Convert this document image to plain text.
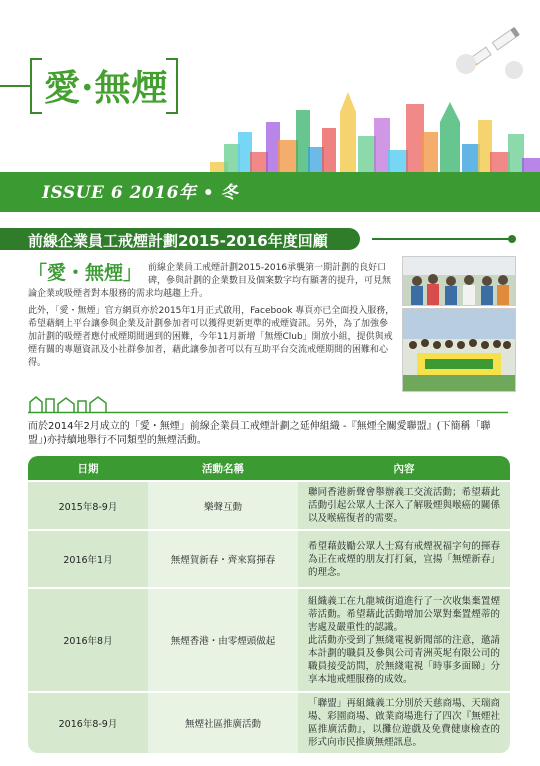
愛·無煙
ISSUE 6 2016年 • 冬
前線企業員工戒煙計劃2015-2016年度回顧
「愛・無煙」 前線企業員工戒煙計劃2015-2016承襲第一期計劃的良好口碑，參與計劃的企業數目及個案數字均有顯著的提升，可見無論企業或吸煙者對本服務的需求均越趨上升。

此外，「愛・無煙」官方網頁亦於2015年1月正式啟用，Facebook 專頁亦已全面投入服務，希望藉網上平台讓參與企業及計劃參加者可以獲得更新更準的戒煙資訊。另外，為了加強參加計劃的吸煙者應付戒煙期間遇到的困難，今年11月新增「無煙Club」開放小組，提供與戒煙有關的專題資訊及小社群參加者，藉此讓參加者可以有互助平台交流戒煙期間的困難和心得。

而於2014年2月成立的「愛・無煙」前線企業員工戒煙計劃之延伸組織 -『無煙全關愛聯盟』(下簡稱「聯盟」)亦持續地舉行不同類型的無煙活動。
日期	活動名稱	內容
2015年8-9月	樂聲互動	聯同香港新聲會舉辦義工交流活動；希望藉此活動引起公眾人士深入了解吸煙與喉癌的關係以及喉癌復者的需要。
2016年1月	無煙賀新春・齊來寫揮春	希望藉鼓勵公眾人士寫有戒煙祝福字句的揮春為正在戒煙的朋友打打氣，宣揚「無煙新春」的理念。
2016年8月	無煙香港・由零煙頭做起	組織義工在九龍城街道進行了一次收集棄置煙蒂活動。希望藉此活動增加公眾對棄置煙蒂的害處及嚴重性的認識。
此活動亦受到了無綫電視新聞部的注意，邀請本計劃的職員及參與公司青洲英坭有限公司的職員接受訪問，於無綫電視「時事多面睇」分享本地戒煙服務的成效。
2016年8-9月	無煙社區推廣活動	「聯盟」再組織義工分別於天慈商場、天瑞商場、彩園商場、啟業商場進行了四次『無煙社區推廣活動』，以攤位遊戲及免費健康檢查的形式向市民推廣無煙訊息。
